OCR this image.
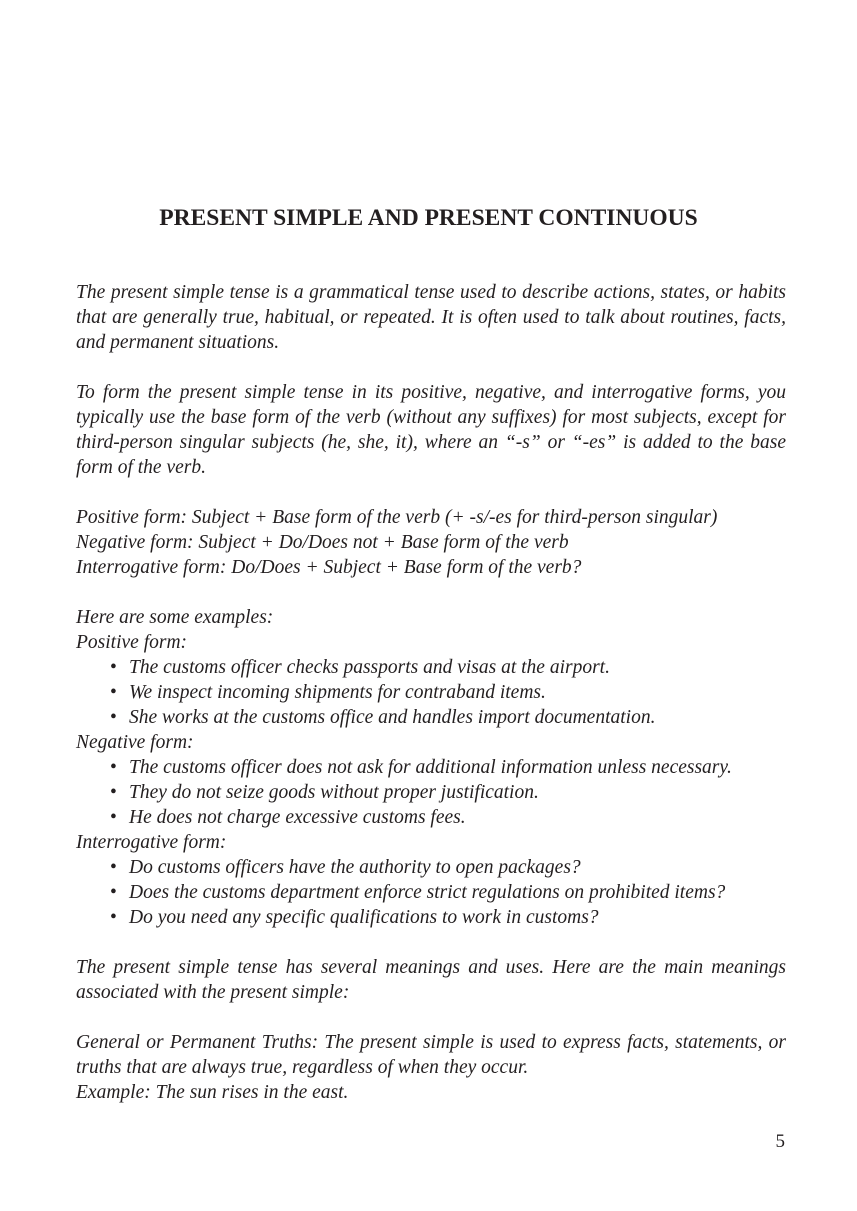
PRESENT SIMPLE AND PRESENT CONTINUOUS

The present simple tense is a grammatical tense used to describe actions, states, or habits that are generally true, habitual, or repeated. It is often used to talk about routines, facts, and permanent situations.

To form the present simple tense in its positive, negative, and interrogative forms, you typically use the base form of the verb (without any suffixes) for most subjects, except for third-person singular subjects (he, she, it), where an “-s” or “-es” is added to the base form of the verb.

Positive form: Subject + Base form of the verb (+ -s/-es for third-person singular)

Negative form: Subject + Do/Does not + Base form of the verb

Interrogative form: Do/Does + Subject + Base form of the verb?

Here are some examples:

Positive form:

• The customs officer checks passports and visas at the airport.
• We inspect incoming shipments for contraband items.
• She works at the customs office and handles import documentation.

Negative form:

• The customs officer does not ask for additional information unless necessary.
• They do not seize goods without proper justification.
• He does not charge excessive customs fees.

Interrogative form:

• Do customs officers have the authority to open packages?
• Does the customs department enforce strict regulations on prohibited items?
• Do you need any specific qualifications to work in customs?

The present simple tense has several meanings and uses. Here are the main meanings associated with the present simple:

General or Permanent Truths: The present simple is used to express facts, statements, or truths that are always true, regardless of when they occur.

Example: The sun rises in the east.

5
